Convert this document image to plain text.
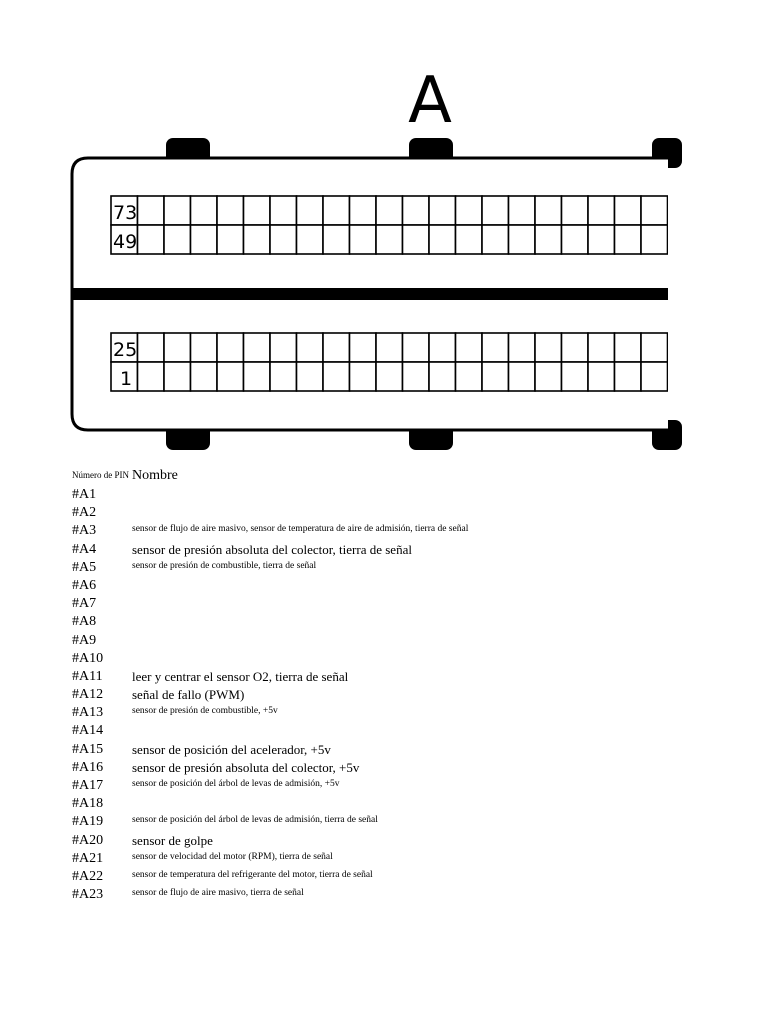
A
73
49
25
1
Número de PIN Nombre
#A1
#A2
#A3	sensor de flujo de aire masivo, sensor de temperatura de aire de admisión, tierra de señal
#A4	sensor de presión absoluta del colector, tierra de señal
#A5	sensor de presión de combustible, tierra de señal
#A6
#A7
#A8
#A9
#A10
#A11 leer y centrar el sensor O2, tierra de señal
#A12 señal de fallo (PWM)
#A13	sensor de presión de combustible, +5v
#A14
#A15 sensor de posición del acelerador, +5v
#A16 sensor de presión absoluta del colector, +5v
#A17	sensor de posición del árbol de levas de admisión, +5v
#A18
#A19	sensor de posición del árbol de levas de admisión, tierra de señal
#A20 sensor de golpe
#A21	sensor de velocidad del motor (RPM), tierra de señal
#A22	sensor de temperatura del refrigerante del motor, tierra de señal
#A23	sensor de flujo de aire masivo, tierra de señal
